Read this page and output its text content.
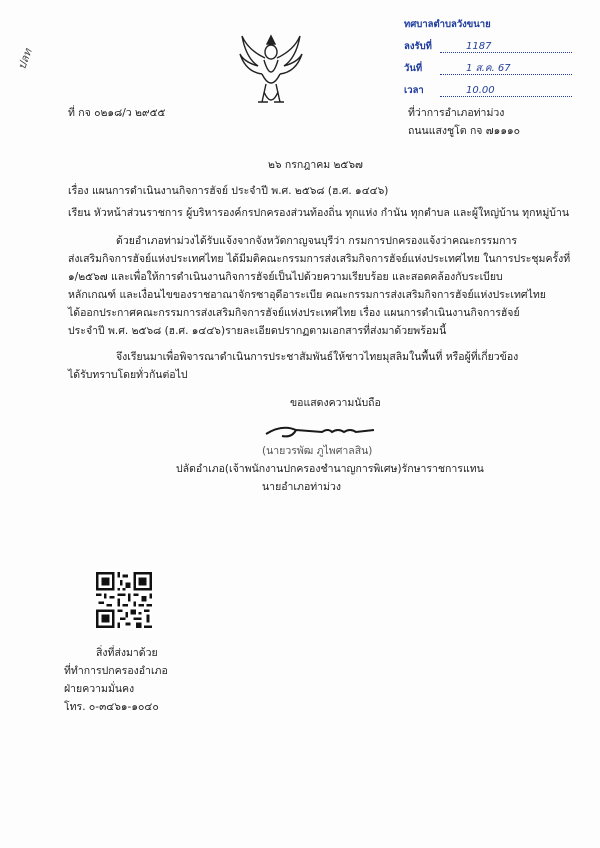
ทศบาลตำบลวังขนาย
ลงรับที่	1187
วันที่	1 ส.ค. 67
เวลา	10.00
ปลท
ที่ กจ ๐๒๑๘/ว ๒๙๕๕	ที่ว่าการอำเภอท่าม่วง
ถนนแสงชูโต กจ ๗๑๑๑๐
๒๖ กรกฎาคม ๒๕๖๗
เรื่อง แผนการดำเนินงานกิจการฮัจย์ ประจำปี พ.ศ. ๒๕๖๘ (ฮ.ศ. ๑๔๔๖)
เรียน หัวหน้าส่วนราชการ ผู้บริหารองค์กรปกครองส่วนท้องถิ่น ทุกแห่ง กำนัน ทุกตำบล และผู้ใหญ่บ้าน ทุกหมู่บ้าน
ด้วยอำเภอท่าม่วงได้รับแจ้งจากจังหวัดกาญจนบุรีว่า กรมการปกครองแจ้งว่าคณะกรรมการ
ส่งเสริมกิจการฮัจย์แห่งประเทศไทย ได้มีมติคณะกรรมการส่งเสริมกิจการฮัจย์แห่งประเทศไทย ในการประชุมครั้งที่
๑/๒๕๖๗ และเพื่อให้การดำเนินงานกิจการฮัจย์เป็นไปด้วยความเรียบร้อย และสอดคล้องกับระเบียบ
หลักเกณฑ์ และเงื่อนไขของราชอาณาจักรซาอุดีอาระเบีย คณะกรรมการส่งเสริมกิจการฮัจย์แห่งประเทศไทย
ได้ออกประกาศคณะกรรมการส่งเสริมกิจการฮัจย์แห่งประเทศไทย เรื่อง แผนการดำเนินงานกิจการฮัจย์
ประจำปี พ.ศ. ๒๕๖๘ (ฮ.ศ. ๑๔๔๖)รายละเอียดปรากฏตามเอกสารที่ส่งมาด้วยพร้อมนี้
จึงเรียนมาเพื่อพิจารณาดำเนินการประชาสัมพันธ์ให้ชาวไทยมุสลิมในพื้นที่ หรือผู้ที่เกี่ยวข้อง
ได้รับทราบโดยทั่วกันต่อไป
ขอแสดงความนับถือ
(นายวรพัฒ ภูไพศาลสิน)
ปลัดอำเภอ(เจ้าพนักงานปกครองชำนาญการพิเศษ)รักษาราชการแทน
นายอำเภอท่าม่วง
สิ่งที่ส่งมาด้วย
ที่ทำการปกครองอำเภอ
ฝ่ายความมั่นคง
โทร. ๐-๓๔๖๑-๑๐๔๐
